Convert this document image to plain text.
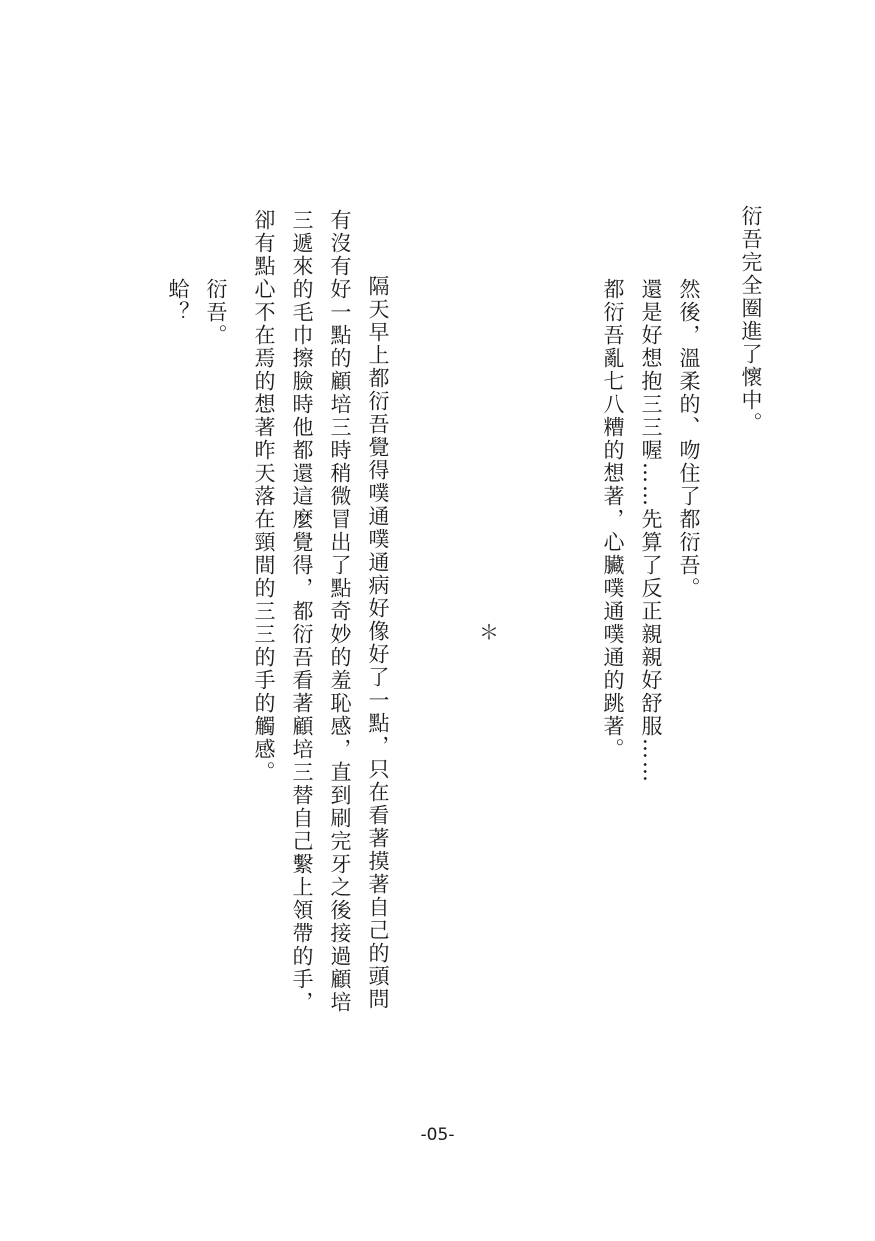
衍吾完全圈進了懷中。

然後，溫柔的、吻住了都衍吾。

還是好想抱三三喔……先算了反正親親好舒服……

都衍吾亂七八糟的想著，心臟噗通噗通的跳著。

＊

隔天早上都衍吾覺得噗通噗通病好像好了一點，只在看著摸著自己的頭問

有沒有好一點的顧培三時稍微冒出了點奇妙的羞恥感，直到刷完牙之後接過顧培

三遞來的毛巾擦臉時他都還這麼覺得，都衍吾看著顧培三替自己繫上領帶的手，

卻有點心不在焉的想著昨天落在頸間的三三的手的觸感。

衍吾。

蛤？

-05-
